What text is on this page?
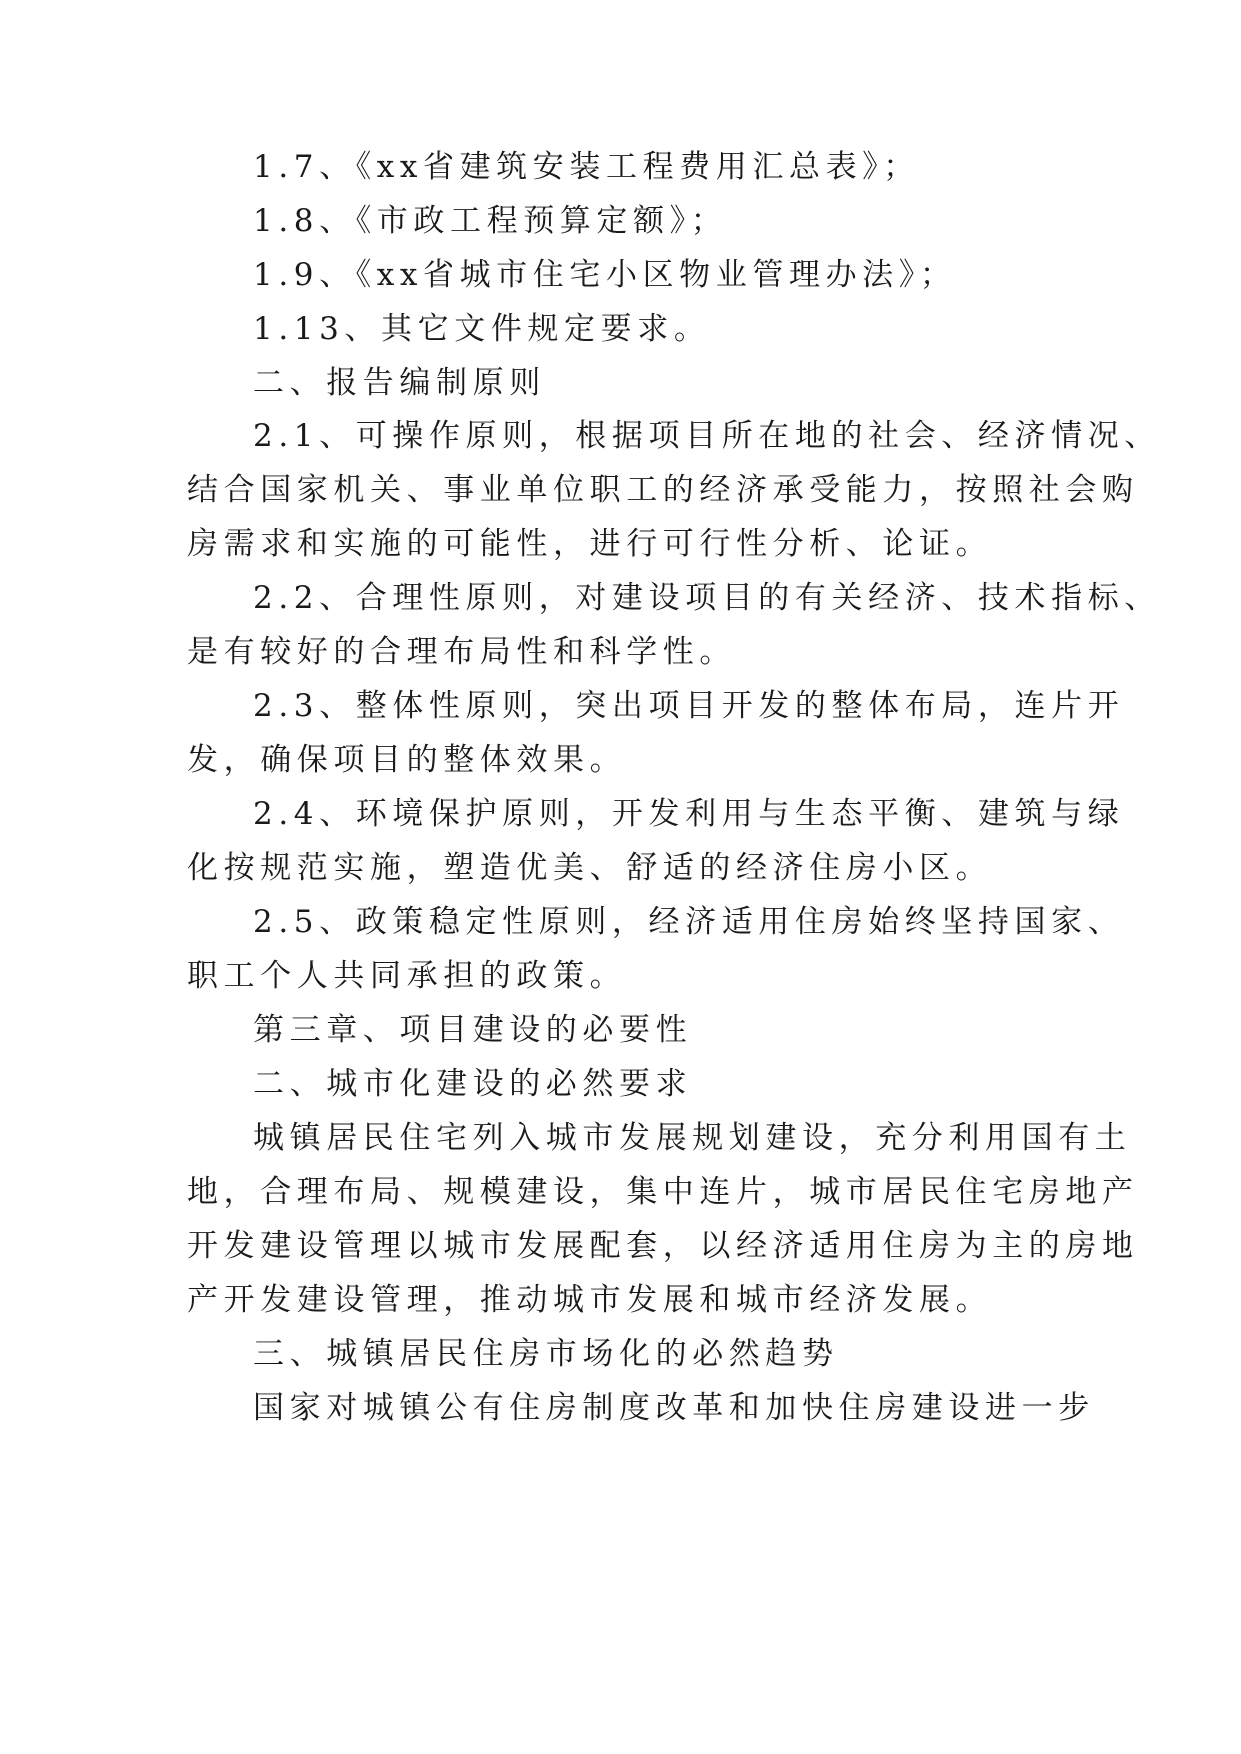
1.7、《xx省建筑安装工程费用汇总表》；

1.8、《市政工程预算定额》；

1.9、《xx省城市住宅小区物业管理办法》；

1.13、其它文件规定要求。

二、报告编制原则

2.1、可操作原则，根据项目所在地的社会、经济情况、

结合国家机关、事业单位职工的经济承受能力，按照社会购

房需求和实施的可能性，进行可行性分析、论证。

2.2、合理性原则，对建设项目的有关经济、技术指标、

是有较好的合理布局性和科学性。

2.3、整体性原则，突出项目开发的整体布局，连片开

发，确保项目的整体效果。

2.4、环境保护原则，开发利用与生态平衡、建筑与绿

化按规范实施，塑造优美、舒适的经济住房小区。

2.5、政策稳定性原则，经济适用住房始终坚持国家、

职工个人共同承担的政策。

第三章、项目建设的必要性

二、城市化建设的必然要求

城镇居民住宅列入城市发展规划建设，充分利用国有土

地，合理布局、规模建设，集中连片，城市居民住宅房地产

开发建设管理以城市发展配套，以经济适用住房为主的房地

产开发建设管理，推动城市发展和城市经济发展。

三、城镇居民住房市场化的必然趋势

国家对城镇公有住房制度改革和加快住房建设进一步
